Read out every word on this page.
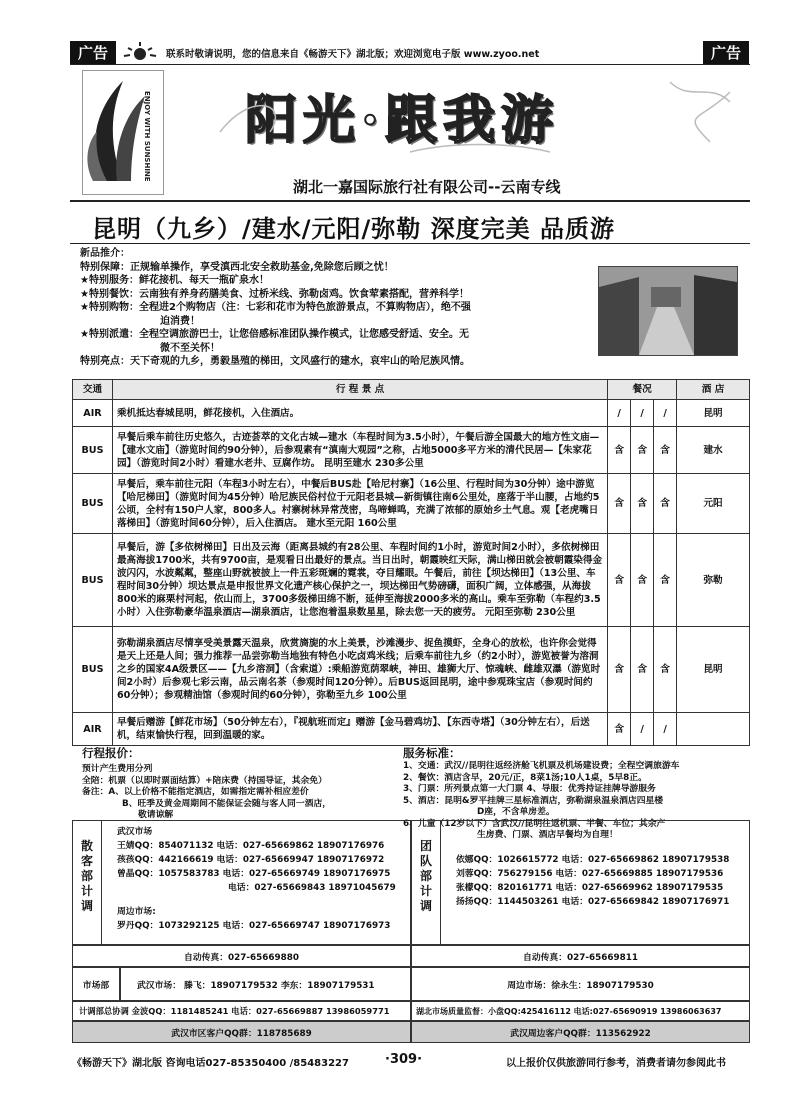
广告	联系时敬请说明，您的信息来自《畅游天下》湖北版；欢迎浏览电子版 www.zyoo.net	广告
ENJOY WITH SUNSHINE 阳光·跟我游
湖北一嘉国际旅行社有限公司--云南专线
昆明（九乡）/建水/元阳/弥勒 深度完美 品质游
新品推介：
特别保障：正规输单操作，享受滇西北安全救助基金,免除您后顾之忧！
★特别服务：鲜花接机、每天一瓶矿泉水！
★特别餐饮：云南独有养身药膳美食、过桥米线、弥勒卤鸡。饮食荤素搭配，营养科学！
★特别购物：全程进2个购物店（注：七彩和花市为特色旅游景点，不算购物店），绝不强
迫消费！
★特别派遣：全程空调旅游巴士，让您倍感标准团队操作模式，让您感受舒适、安全。无
微不至关怀！
特别亮点：天下奇观的九乡，勇毅垦殖的梯田，文风盛行的建水，哀牢山的哈尼族风情。
交通	行 程 景 点	餐况			酒 店
AIR	乘机抵达春城昆明，鲜花接机，入住酒店。	/	/	/	昆明
BUS	早餐后乘车前往历史悠久，古迹荟萃的文化古城—建水（车程时间为3.5小时），午餐后游全国最大的地方性文庙—【建水文庙】（游览时间约90分钟），后参观素有“滇南大观园”之称，占地5000多平方米的清代民居—【朱家花园】（游览时间2小时）看建水老井、豆腐作坊。 昆明至建水 230多公里	含	含	含	建水
BUS	早餐后，乘车前往元阳（车程3小时左右），中餐后BUS赴【哈尼村寨】（16公里、行程时间为30分钟）途中游览【哈尼梯田】（游览时间为45分钟）哈尼族民俗村位于元阳老县城—新街镇往南6公里处，座落于半山腰，占地约5公顷，全村有150户人家，800多人。村寨树林异常茂密，鸟啼蝉鸣，充满了浓郁的原始乡土气息。观【老虎嘴日落梯田】（游览时间60分钟），后入住酒店。 建水至元阳 160公里	含	含	含	元阳
BUS	早餐后，游【多依树梯田】日出及云海（距离县城约有28公里、车程时间约1小时，游览时间2小时），多依树梯田最高海拔1700米，共有9700亩，是观看日出最好的景点。当日出时，朝霞映红天际，满山梯田就会被朝霞染得金波闪闪，水波粼粼，整座山野就被披上一件五彩斑斓的霓裳，夺目耀眼。午餐后，前往【坝达梯田】（13公里、车程时间30分钟）坝达景点是申报世界文化遗产核心保护之一，坝达梯田气势磅礴，面积广阔，立体感强，从海拔800米的麻栗村河起，依山而上，3700多级梯田绵不断，延伸至海拔2000多米的高山。乘车至弥勒（车程约3.5小时）入住弥勒豪华温泉酒店—湖泉酒店，让您泡着温泉数星星，除去您一天的疲劳。 元阳至弥勒 230公里	含	含	含	弥勒
BUS	弥勒湖泉酒店尽情享受美景露天温泉，欣赏旖旎的水上美景，沙滩漫步、捉鱼摸虾，全身心的放松，也许你会觉得是天上还是人间；强力推荐一品尝弥勒当地独有特色小吃卤鸡米线；后乘车前往九乡（约2小时），游览被誉为溶洞之乡的国家4A级景区——【九乡溶洞】（含索道）:乘船游览荫翠峡，神田、雄狮大厅、惊魂峡、雌雄双瀑（游览时间2小时）后参观七彩云南，品云南名茶（参观时间120分钟）。后BUS返回昆明，途中参观珠宝店（参观时间约60分钟）；参观精油馆（参观时间约60分钟），弥勒至九乡 100公里	含	含	含	昆明
AIR	早餐后赠游【鲜花市场】（50分钟左右），『视航班而定』赠游【金马碧鸡坊】、【东西寺塔】（30分钟左右），后送机，结束愉快行程，回到温暖的家。	含	/	/	
行程报价：
预计产生费用分列
全陪：机票（以即时票面结算）+陪床费（持国导证，其余免）
备注：A、以上价格不能指定酒店，如需指定需补相应差价
B、旺季及黄金周期间不能保证会随与客人同一酒店，
敬请谅解
服务标准：
1、交通：武汉//昆明往返经济舱飞机票及机场建设费；全程空调旅游车
2、餐饮：酒店含早，20元/正，8菜1汤;10人1桌，5早8正。
3、门票：所列景点第一大门票 4、导服：优秀持证挂牌导游服务
5、酒店：昆明&罗平挂牌三星标准酒店，弥勒湖泉温泉酒店四星楼
D座，不含单房差。
6、儿童（12岁以下）含武汉//昆明往返机票、半餐、车位；其余产
生房费、门票、酒店早餐均为自理！
散客部计调
武汉市场
王婧QQ：854071132 电话：027-65669862 18907176976
孩孩QQ：442166619 电话：027-65669947 18907176972
曾晶QQ：1057583783 电话：027-65669749 18907176975
电话：027-65669843 18971045679
周边市场:
罗丹QQ：1073292125 电话：027-65669747 18907176973
团队部计调
依娜QQ：1026615772 电话：027-65669862 18907179538
刘蓉QQ：756279156 电话：027-65669885 18907179536
张檬QQ：820161771 电话：027-65669962 18907179535
扬扬QQ：1144503261 电话：027-65669842 18907176971
自动传真：027-65669880	自动传真：027-65669811
市场部	武汉市场： 滕飞：18907179532 李东：18907179531	周边市场：徐永生：18907179530
计调部总协调 金波QQ：1181485241 电话：027-65669887 13986059771	湖北市场质量监督：小盘QQ:425416112 电话:027-65690919 13986063637
武汉市区客户QQ群：118785689	武汉周边客户QQ群：113562922
《畅游天下》湖北版 咨询电话027-85350400 /85483227	·309·	以上报价仅供旅游同行参考，消费者请勿参阅此书
